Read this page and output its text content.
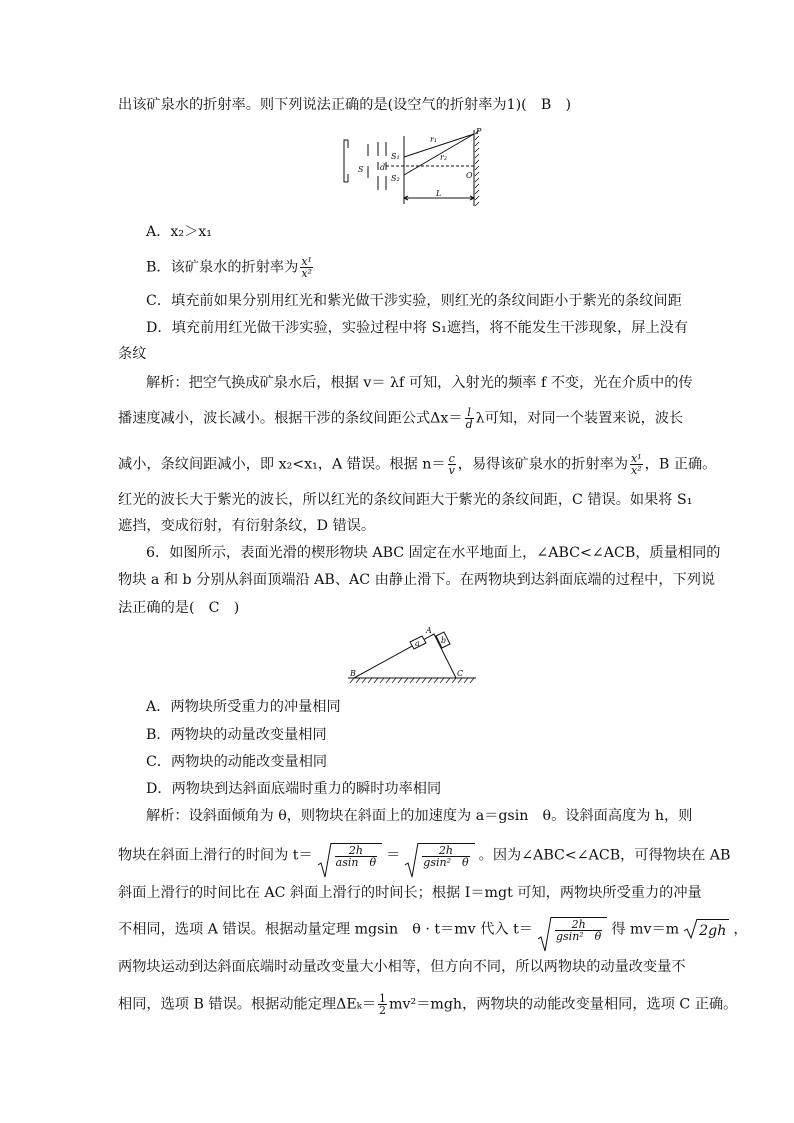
出该矿泉水的折射率。则下列说法正确的是(设空气的折射率为1)(　B　)
S
S₁
S₂
d
r₁
r₂
P
O
L
A．x₂＞x₁
B．该矿泉水的折射率为 $\frac{\text{x¹}}{\text{x²}}$
C．填充前如果分别用红光和紫光做干涉实验，则红光的条纹间距小于紫光的条纹间距
D．填充前用红光做干涉实验，实验过程中将 S₁遮挡，将不能发生干涉现象，屏上没有
条纹
解析：把空气换成矿泉水后，根据 v＝ λf 可知，入射光的频率 f 不变，光在介质中的传
播速度减小，波长减小。根据干涉的条纹间距公式$\Delta x= \frac{l}{d}$ λ可知，对同一个装置来说，波长
减小，条纹间距减小，即 x₂<x₁，A 错误。根据 $n= \frac{c}{v}$ ，易得该矿泉水的折射率为 $\frac{\text{x¹}}{\text{x²}}$ ，B 正确。
红光的波长大于紫光的波长，所以红光的条纹间距大于紫光的条纹间距，C 错误。如果将 S₁
遮挡，变成衍射，有衍射条纹，D 错误。
6．如图所示，表面光滑的楔形物块 ABC 固定在水平地面上，∠ABC<∠ACB，质量相同的
物块 a 和 b 分别从斜面顶端沿 AB、AC 由静止滑下。在两物块到达斜面底端的过程中，下列说
法正确的是(　C　)
A
a	b
B	C
A．两物块所受重力的冲量相同
B．两物块的动量改变量相同
C．两物块的动能改变量相同
D．两物块到达斜面底端时重力的瞬时功率相同
解析：设斜面倾角为 θ，则物块在斜面上的加速度为 a＝gsin　θ。设斜面高度为 h，则
物块在斜面上滑行的时间为 $t= \frac{2h}{\text{asin　θ}} = \frac{2h}{\text{gsin²　θ}}$ 。因为∠ABC<∠ACB，可得物块在 AB
斜面上滑行的时间比在 AC 斜面上滑行的时间长；根据 I＝mgt 可知，两物块所受重力的冲量
不相同，选项 A 错误。根据动量定理 mgsin　θ · t＝mv 代入 $t= \frac{2h}{\text{gsin²　θ}}$ 得 mv＝m 2gh ，
两物块运动到达斜面底端时动量改变量大小相等，但方向不同，所以两物块的动量改变量不
相同，选项 B 错误。根据动能定理$\Delta E_k= \frac{1}{2} mv^2=mgh$，两物块的动能改变量相同，选项 C 正确。
